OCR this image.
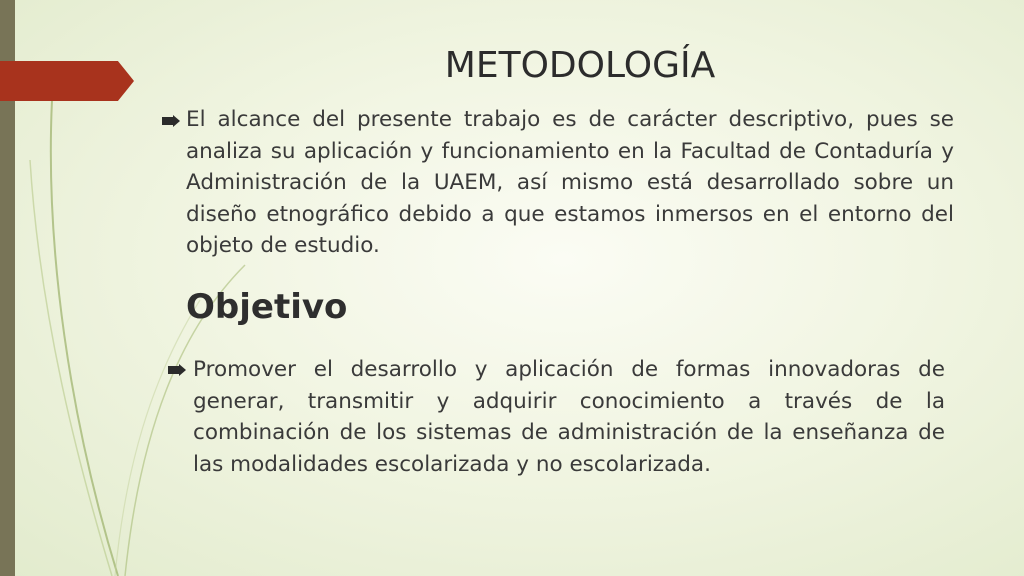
METODOLOGÍA
El alcance del presente trabajo es de carácter descriptivo, pues se analiza su aplicación y funcionamiento en la Facultad de Contaduría y Administración de la UAEM, así mismo está desarrollado sobre un diseño etnográfico debido a que estamos inmersos en el entorno del objeto de estudio.
Objetivo
Promover el desarrollo y aplicación de formas innovadoras de generar, transmitir y adquirir conocimiento a través de la combinación de los sistemas de administración de la enseñanza de las modalidades escolarizada y no escolarizada.
